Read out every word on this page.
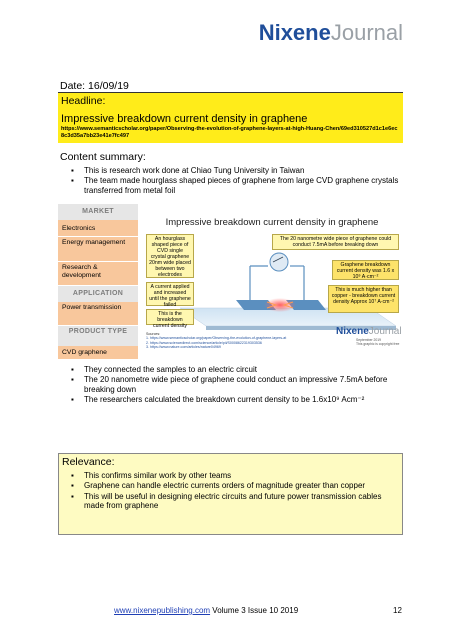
NixeneJournal
Date: 16/09/19
Headline:
Impressive breakdown current density in graphene
https://www.semanticscholar.org/paper/Observing-the-evolution-of-graphene-layers-at-high-Huang-Chen/69ed310527d1c1e6ec8c3d35a7bb23e41e7fc497
Content summary:
▪ This is research work done at Chiao Tung University in Taiwan
▪ The team made hourglass shaped pieces of graphene from large CVD graphene crystals transferred from metal foil
MARKET
Electronics
Energy management
Research & development
APPLICATION
Power transmission
PRODUCT TYPE
CVD graphene
Impressive breakdown current density in graphene
An hourglass shaped piece of CVD single crystal graphene 20nm wide placed between two electrodes
A current applied and increased until the graphene failed
This is the breakdown current density
The 20 nanometre wide piece of graphene could conduct 7.5mA before breaking down
Graphene breakdown current density was 1.6 x 10⁹ A·cm⁻²
This is much higher than copper - breakdown current density Approx 10⁷ A·cm⁻²
Sources:
1. https://www.semanticscholar.org/paper/Observing-the-evolution-of-graphene-layers-at
2. https://www.sciencedirect.com/science/article/pii/S0008622319303536
3. https://www.nature.com/articles/nature04969
NixeneJournal
September 2019
This graphic is copyright free
▪ They connected the samples to an electric circuit
▪ The 20 nanometre wide piece of graphene could conduct an impressive 7.5mA before breaking down
▪ The researchers calculated the breakdown current density to be 1.6x10⁹ Acm⁻²
Relevance:
▪ This confirms similar work by other teams
▪ Graphene can handle electric currents orders of magnitude greater than copper
▪ This will be useful in designing electric circuits and future power transmission cables made from graphene
www.nixenepublishing.com Volume 3 Issue 10 2019	12
